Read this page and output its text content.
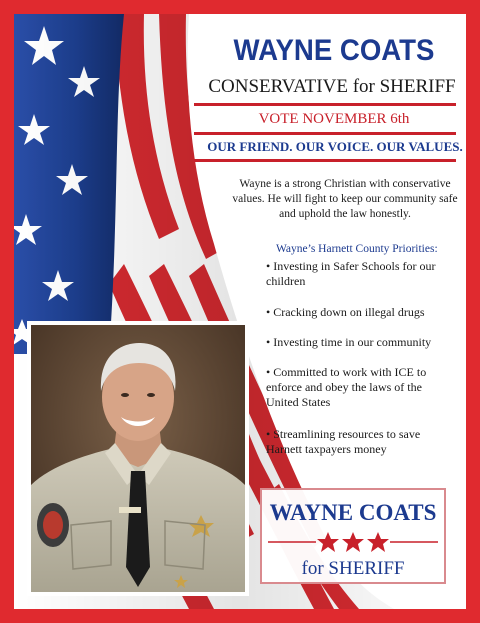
WAYNE COATS
CONSERVATIVE for SHERIFF
VOTE NOVEMBER 6th
OUR FRIEND. OUR VOICE. OUR VALUES.
Wayne is a strong Christian with conservative
values. He will fight to keep our community safe
and uphold the law honestly.
Wayne’s Harnett County Priorities:
• Investing in Safer Schools for our
children
• Cracking down on illegal drugs
• Investing time in our community
• Committed to work with ICE to
enforce and obey the laws of the
United States
• Streamlining resources to save
Harnett taxpayers money
WAYNE COATS
for SHERIFF
